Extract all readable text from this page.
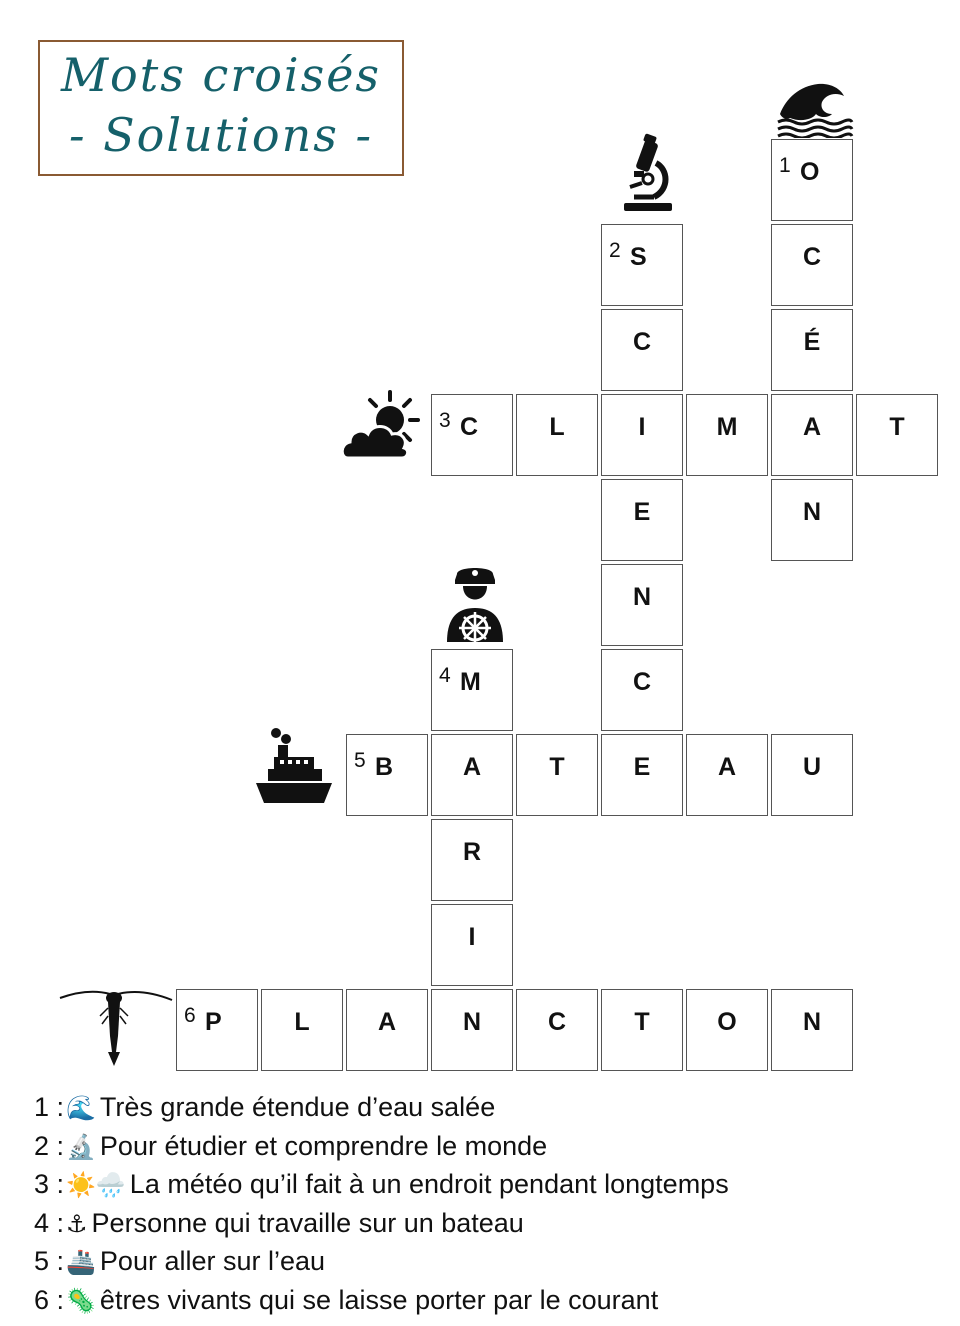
Mots croisés
- Solutions -
1 O
C
É
A
N
2 S
C
I
E
N
C
E
3 C	L	M	T
4 M
A
R
I
5 B	T	A	U
6 P	L	A	N	C	T	O	N
1 :🌊 Très grande étendue d’eau salée
2 :🔬 Pour étudier et comprendre le monde
3 :☀️🌧️ La météo qu’il fait à un endroit pendant longtemps
4 :⚓ Personne qui travaille sur un bateau
5 :🚢 Pour aller sur l’eau
6 :🦠 êtres vivants qui se laisse porter par le courant
